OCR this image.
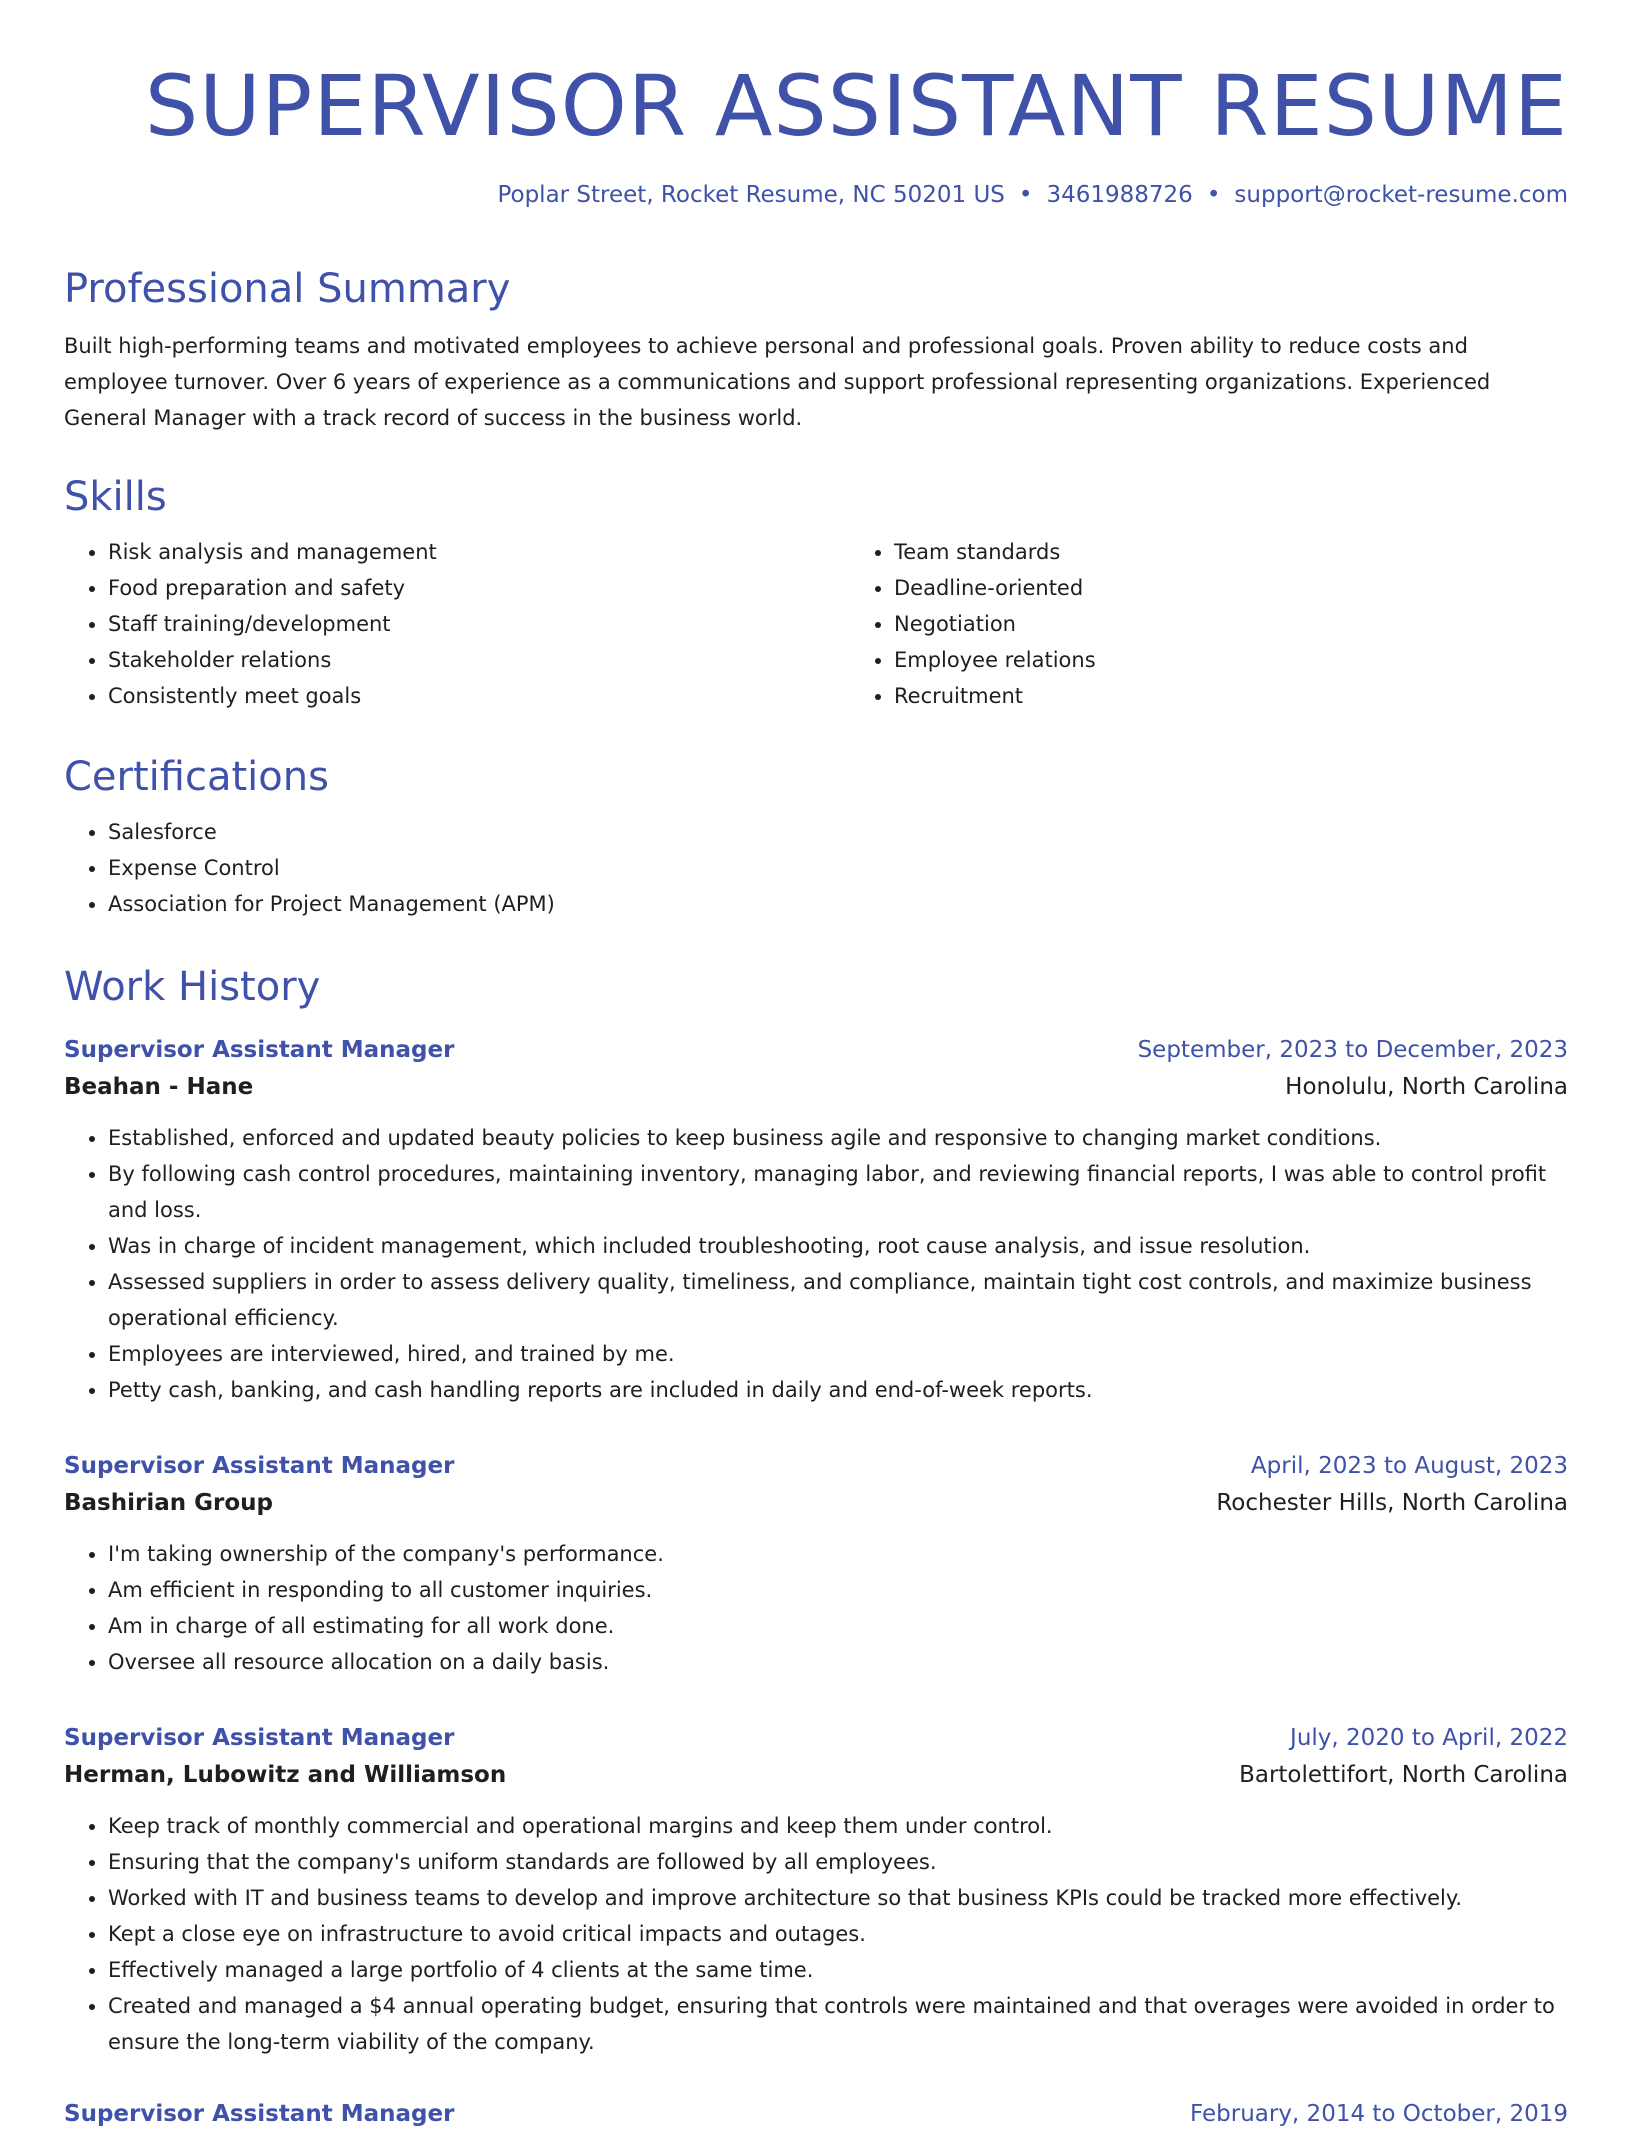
SUPERVISOR ASSISTANT RESUME
Poplar Street, Rocket Resume, NC 50201 US • 3461988726 • support@rocket-resume.com
Professional Summary

Built high-performing teams and motivated employees to achieve personal and professional goals. Proven ability to reduce costs and employee turnover. Over 6 years of experience as a communications and support professional representing organizations. Experienced General Manager with a track record of success in the business world.

Skills
• Risk analysis and management
• Food preparation and safety
• Staff training/development
• Stakeholder relations
• Consistently meet goals
• Team standards
• Deadline-oriented
• Negotiation
• Employee relations
• Recruitment
Certifications
• Salesforce
• Expense Control
• Association for Project Management (APM)
Work History
Supervisor Assistant Manager	September, 2023 to December, 2023
Beahan - Hane	Honolulu, North Carolina
• Established, enforced and updated beauty policies to keep business agile and responsive to changing market conditions.
• By following cash control procedures, maintaining inventory, managing labor, and reviewing financial reports, I was able to control profit and loss.
• Was in charge of incident management, which included troubleshooting, root cause analysis, and issue resolution.
• Assessed suppliers in order to assess delivery quality, timeliness, and compliance, maintain tight cost controls, and maximize business operational efficiency.
• Employees are interviewed, hired, and trained by me.
• Petty cash, banking, and cash handling reports are included in daily and end-of-week reports.
Supervisor Assistant Manager	April, 2023 to August, 2023
Bashirian Group	Rochester Hills, North Carolina
• I'm taking ownership of the company's performance.
• Am efficient in responding to all customer inquiries.
• Am in charge of all estimating for all work done.
• Oversee all resource allocation on a daily basis.
Supervisor Assistant Manager	July, 2020 to April, 2022
Herman, Lubowitz and Williamson	Bartolettifort, North Carolina
• Keep track of monthly commercial and operational margins and keep them under control.
• Ensuring that the company's uniform standards are followed by all employees.
• Worked with IT and business teams to develop and improve architecture so that business KPIs could be tracked more effectively.
• Kept a close eye on infrastructure to avoid critical impacts and outages.
• Effectively managed a large portfolio of 4 clients at the same time.
• Created and managed a $4 annual operating budget, ensuring that controls were maintained and that overages were avoided in order to ensure the long-term viability of the company.
Supervisor Assistant Manager	February, 2014 to October, 2019
